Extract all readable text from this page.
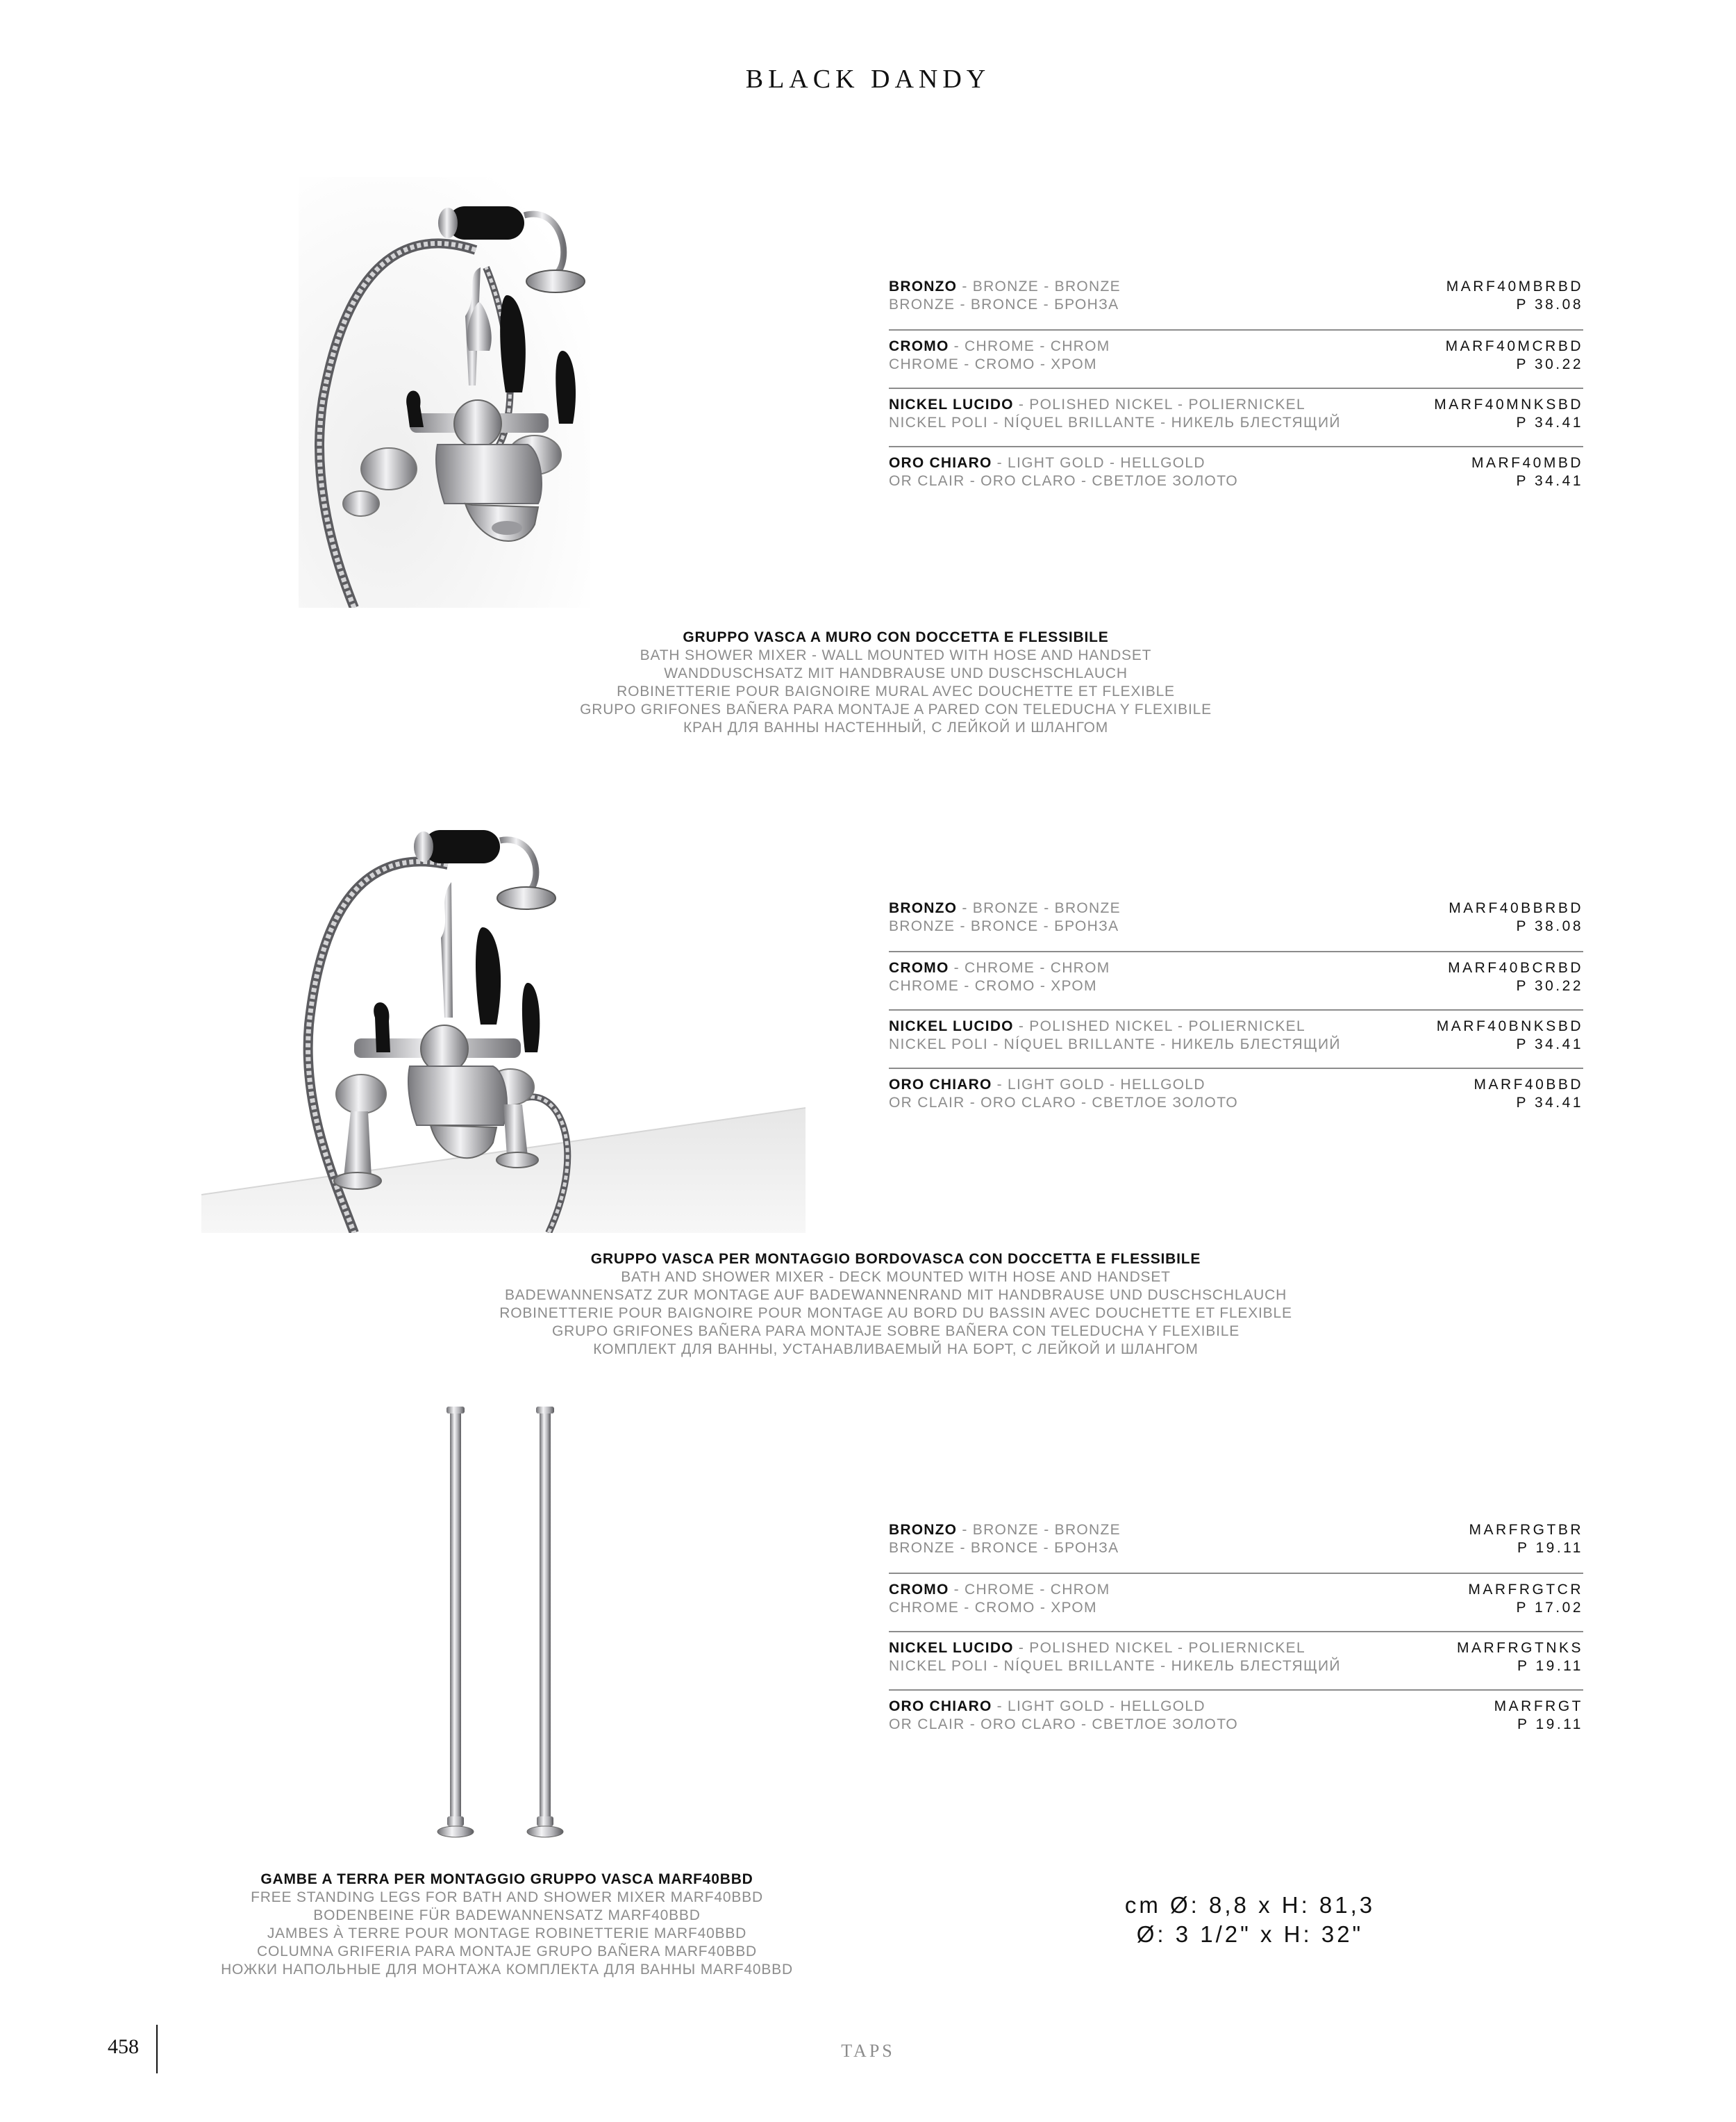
BLACK DANDY
BRONZO - BRONZE - BRONZE
BRONZE - BRONCE - БРОНЗА
MARF40MBRBD
P 38.08
CROMO - CHROME - CHROM
CHROME - CROMO - ХРОМ
MARF40MCRBD
P 30.22
NICKEL LUCIDO - POLISHED NICKEL - POLIERNICKEL
NICKEL POLI - NÍQUEL BRILLANTE - НИКЕЛЬ БЛЕСТЯЩИЙ
MARF40MNKSBD
P 34.41
ORO CHIARO - LIGHT GOLD - HELLGOLD
OR CLAIR - ORO CLARO - СВЕТЛОЕ ЗОЛОТО
MARF40MBD
P 34.41
GRUPPO VASCA A MURO CON DOCCETTA E FLESSIBILE
BATH SHOWER MIXER - WALL MOUNTED WITH HOSE AND HANDSET
WANDDUSCHSATZ MIT HANDBRAUSE UND DUSCHSCHLAUCH
ROBINETTERIE POUR BAIGNOIRE MURAL AVEC DOUCHETTE ET FLEXIBLE
GRUPO GRIFONES BAÑERA PARA MONTAJE A PARED CON TELEDUCHA Y FLEXIBILE
КРАН ДЛЯ ВАННЫ НАСТЕННЫЙ, С ЛЕЙКОЙ И ШЛАНГОМ
BRONZO - BRONZE - BRONZE
BRONZE - BRONCE - БРОНЗА
MARF40BBRBD
P 38.08
CROMO - CHROME - CHROM
CHROME - CROMO - ХРОМ
MARF40BCRBD
P 30.22
NICKEL LUCIDO - POLISHED NICKEL - POLIERNICKEL
NICKEL POLI - NÍQUEL BRILLANTE - НИКЕЛЬ БЛЕСТЯЩИЙ
MARF40BNKSBD
P 34.41
ORO CHIARO - LIGHT GOLD - HELLGOLD
OR CLAIR - ORO CLARO - СВЕТЛОЕ ЗОЛОТО
MARF40BBD
P 34.41
GRUPPO VASCA PER MONTAGGIO BORDOVASCA CON DOCCETTA E FLESSIBILE
BATH AND SHOWER MIXER - DECK MOUNTED WITH HOSE AND HANDSET
BADEWANNENSATZ ZUR MONTAGE AUF BADEWANNENRAND MIT HANDBRAUSE UND DUSCHSCHLAUCH
ROBINETTERIE POUR BAIGNOIRE POUR MONTAGE AU BORD DU BASSIN AVEC DOUCHETTE ET FLEXIBLE
GRUPO GRIFONES BAÑERA PARA MONTAJE SOBRE BAÑERA CON TELEDUCHA Y FLEXIBILE
КОМПЛЕКТ ДЛЯ ВАННЫ, УСТАНАВЛИВАЕМЫЙ НА БОРТ, С ЛЕЙКОЙ И ШЛАНГОМ
BRONZO - BRONZE - BRONZE
BRONZE - BRONCE - БРОНЗА
MARFRGTBR
P 19.11
CROMO - CHROME - CHROM
CHROME - CROMO - ХРОМ
MARFRGTCR
P 17.02
NICKEL LUCIDO - POLISHED NICKEL - POLIERNICKEL
NICKEL POLI - NÍQUEL BRILLANTE - НИКЕЛЬ БЛЕСТЯЩИЙ
MARFRGTNKS
P 19.11
ORO CHIARO - LIGHT GOLD - HELLGOLD
OR CLAIR - ORO CLARO - СВЕТЛОЕ ЗОЛОТО
MARFRGT
P 19.11
GAMBE A TERRA PER MONTAGGIO GRUPPO VASCA MARF40BBD
FREE STANDING LEGS FOR BATH AND SHOWER MIXER MARF40BBD
BODENBEINE FÜR BADEWANNENSATZ MARF40BBD
JAMBES À TERRE POUR MONTAGE ROBINETTERIE MARF40BBD
COLUMNA GRIFERIA PARA MONTAJE GRUPO BAÑERA MARF40BBD
НОЖКИ НАПОЛЬНЫЕ ДЛЯ МОНТАЖА КОМПЛЕКТА ДЛЯ ВАННЫ MARF40BBD
cm Ø: 8,8 x H: 81,3
Ø: 3 1/2" x H: 32"
458	TAPS
